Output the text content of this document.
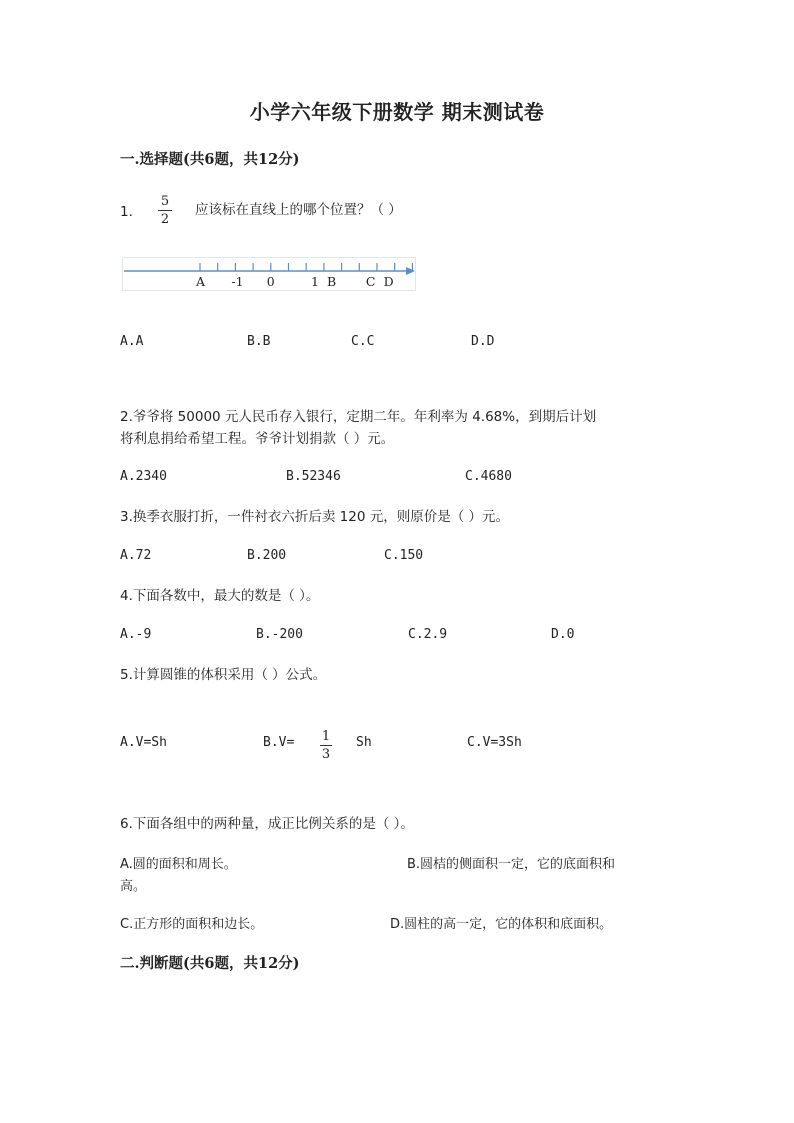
小学六年级下册数学 期末测试卷
一.选择题(共6题，共12分)
1.
5
2
应该标在直线上的哪个位置？（ ）
A -1 0	1 B C D
A.A	B.B	C.C	D.D
2.爷爷将 50000 元人民币存入银行，定期二年。年利率为 4.68%，到期后计划
将利息捐给希望工程。爷爷计划捐款（ ）元。
A.2340	B.52346	C.4680
3.换季衣服打折，一件衬衣六折后卖 120 元，则原价是（ ）元。
A.72	B.200	C.150
4.下面各数中，最大的数是（ ）。
A.-9	B.-200	C.2.9	D.0
5.计算圆锥的体积采用（ ）公式。
A.V=Sh	B.V= 1
3
Sh	C.V=3Sh
6.下面各组中的两种量，成正比例关系的是（ ）。
A.圆的面积和周长。	B.圆桔的侧面积一定，它的底面积和
高。
C.正方形的面积和边长。	D.圆柱的高一定，它的体积和底面积。
二.判断题(共6题，共12分)
